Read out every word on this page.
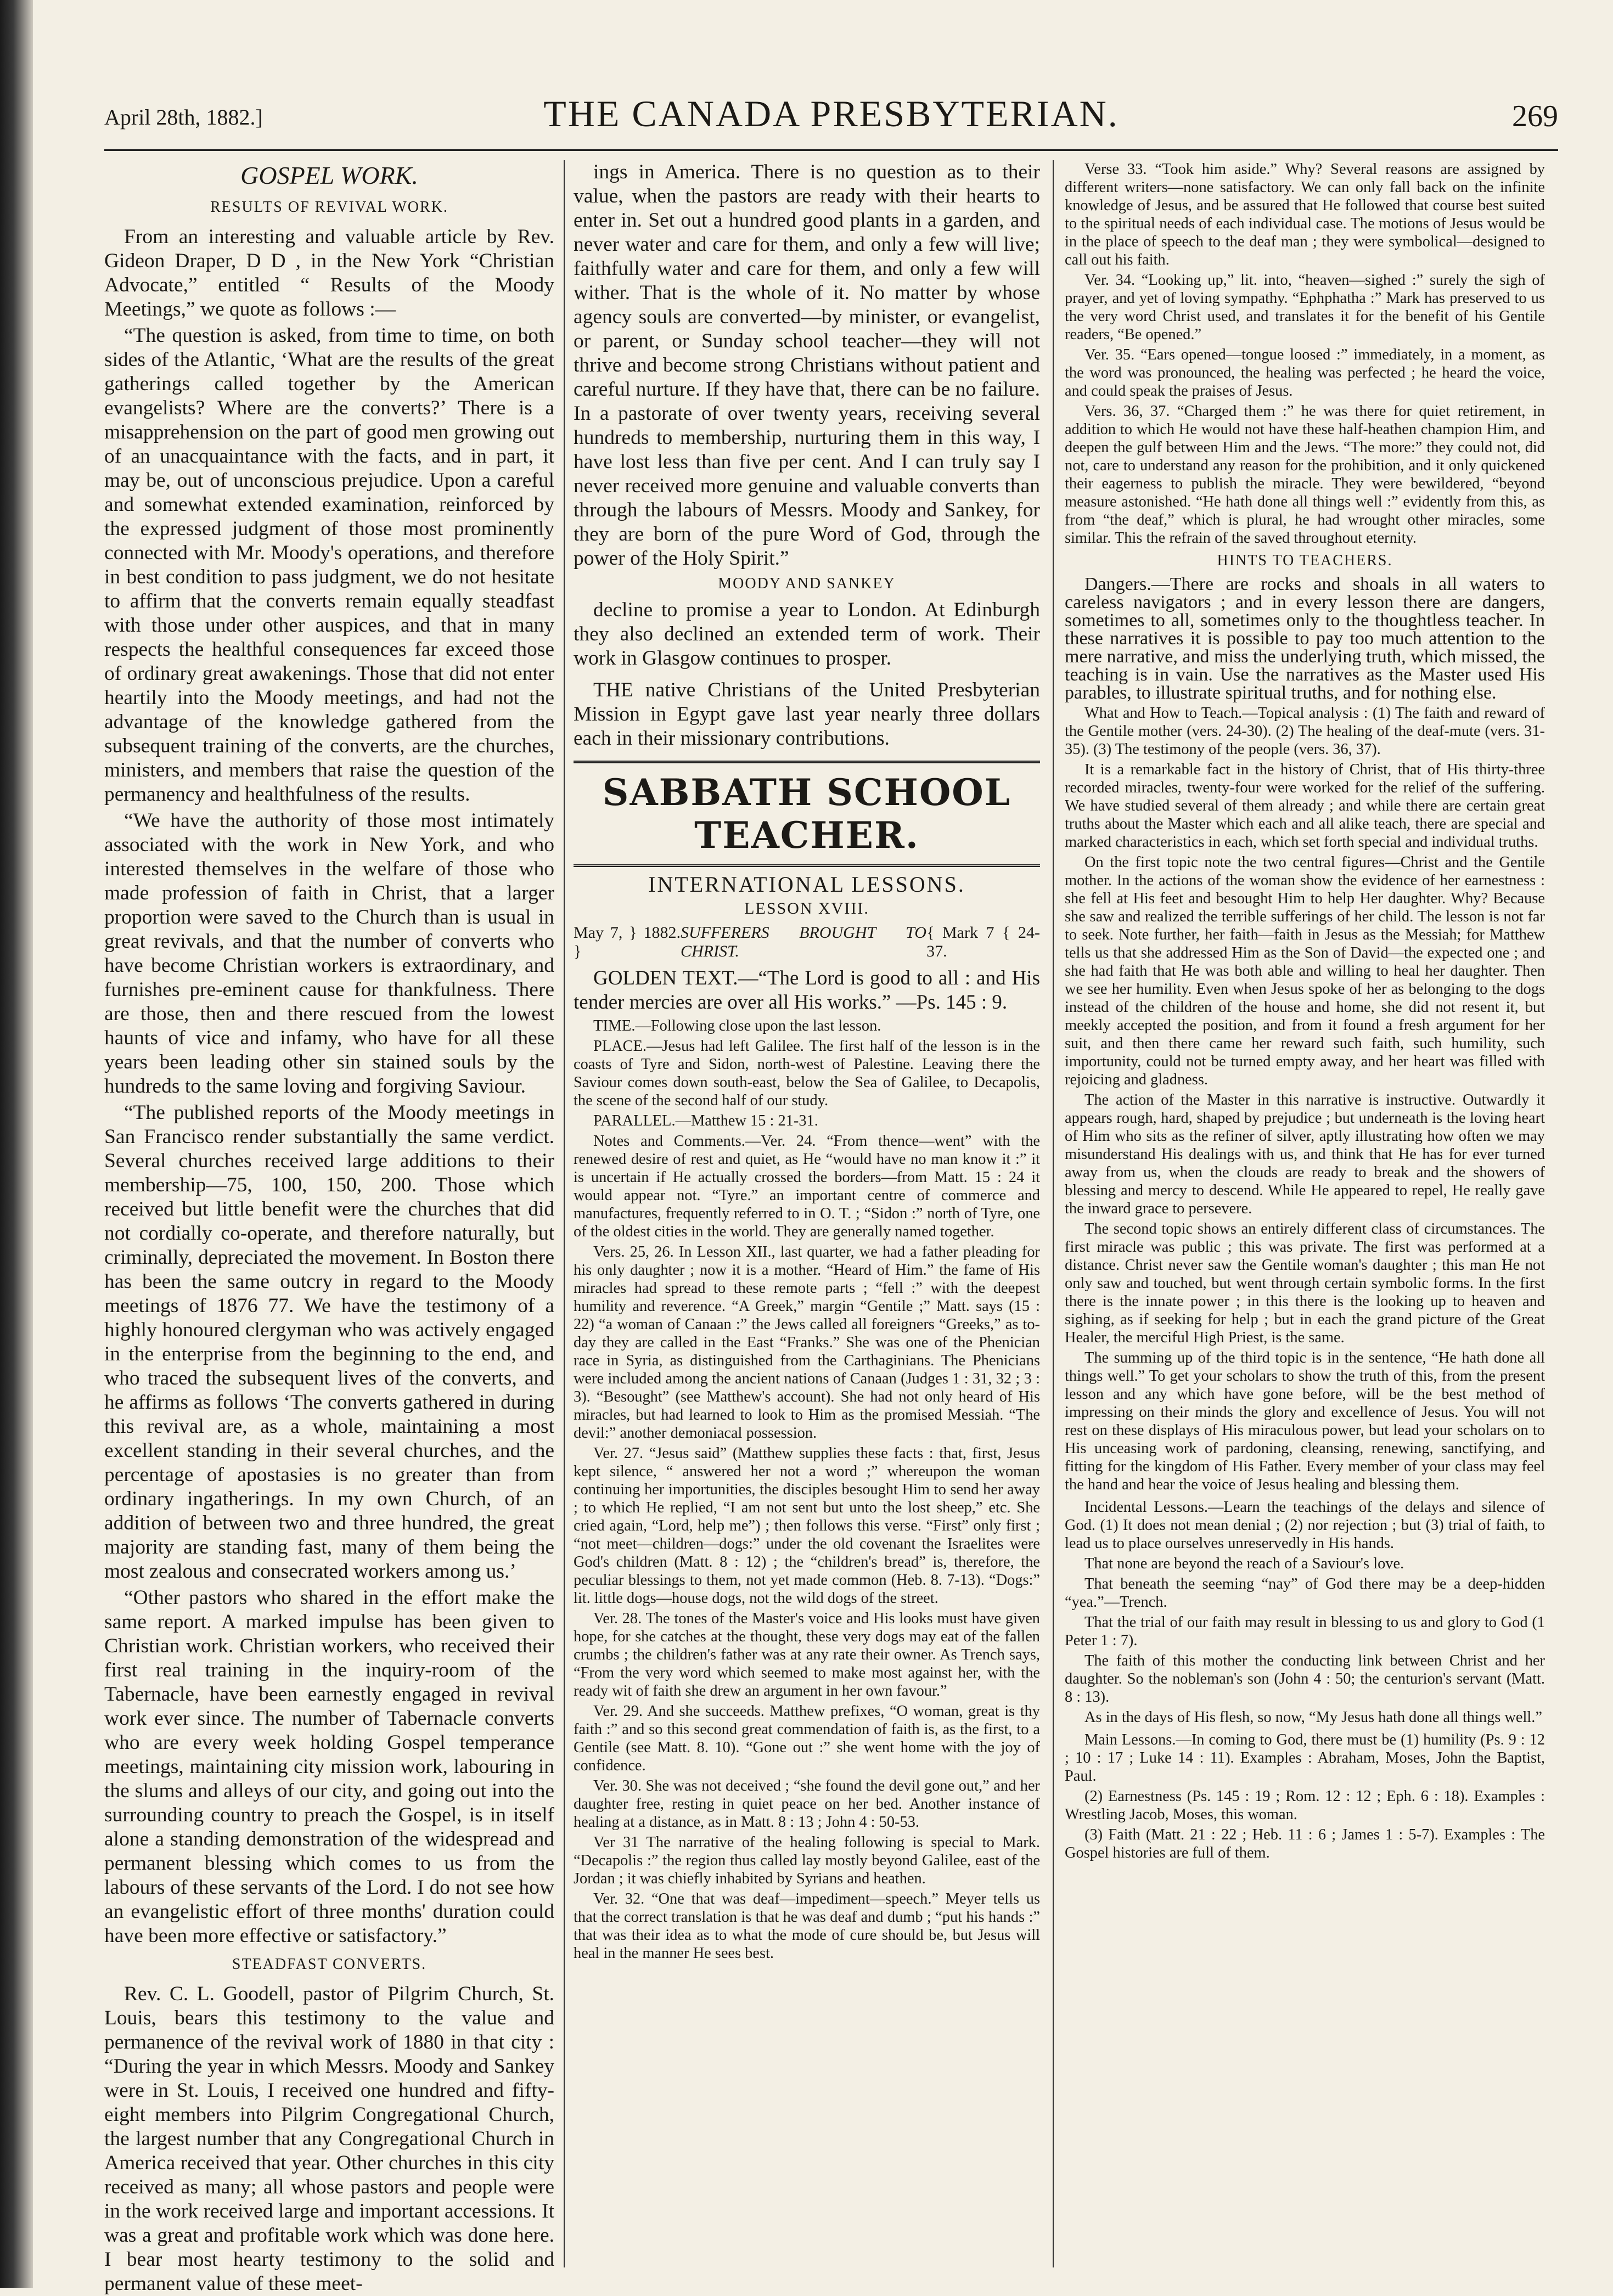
April 28th, 1882.]	THE CANADA PRESBYTERIAN.	269
GOSPEL WORK.
RESULTS OF REVIVAL WORK.

From an interesting and valuable article by Rev. Gideon Draper, D D , in the New York “Christian Advocate,” entitled “ Results of the Moody Meetings,” we quote as follows :—

“The question is asked, from time to time, on both sides of the Atlantic, ‘What are the results of the great gatherings called together by the American evangelists? Where are the converts?’ There is a misapprehension on the part of good men growing out of an unacquaintance with the facts, and in part, it may be, out of unconscious prejudice. Upon a careful and somewhat extended examination, reinforced by the expressed judgment of those most prominently connected with Mr. Moody's operations, and therefore in best condition to pass judgment, we do not hesitate to affirm that the converts remain equally steadfast with those under other auspices, and that in many respects the healthful consequences far exceed those of ordinary great awakenings. Those that did not enter heartily into the Moody meetings, and had not the advantage of the knowledge gathered from the subsequent training of the converts, are the churches, ministers, and members that raise the question of the permanency and healthfulness of the results.

“We have the authority of those most intimately associated with the work in New York, and who interested themselves in the welfare of those who made profession of faith in Christ, that a larger proportion were saved to the Church than is usual in great revivals, and that the number of converts who have become Christian workers is extraordinary, and furnishes pre-eminent cause for thankfulness. There are those, then and there rescued from the lowest haunts of vice and infamy, who have for all these years been leading other sin stained souls by the hundreds to the same loving and forgiving Saviour.

“The published reports of the Moody meetings in San Francisco render substantially the same verdict. Several churches received large additions to their membership—75, 100, 150, 200. Those which received but little benefit were the churches that did not cordially co-operate, and therefore naturally, but criminally, depreciated the movement. In Boston there has been the same outcry in regard to the Moody meetings of 1876 77. We have the testimony of a highly honoured clergyman who was actively engaged in the enterprise from the beginning to the end, and who traced the subsequent lives of the converts, and he affirms as follows ‘The converts gathered in during this revival are, as a whole, maintaining a most excellent standing in their several churches, and the percentage of apostasies is no greater than from ordinary ingatherings. In my own Church, of an addition of between two and three hundred, the great majority are standing fast, many of them being the most zealous and consecrated workers among us.’

“Other pastors who shared in the effort make the same report. A marked impulse has been given to Christian work. Christian workers, who received their first real training in the inquiry-room of the Tabernacle, have been earnestly engaged in revival work ever since. The number of Tabernacle converts who are every week holding Gospel temperance meetings, maintaining city mission work, labouring in the slums and alleys of our city, and going out into the surrounding country to preach the Gospel, is in itself alone a standing demonstration of the widespread and permanent blessing which comes to us from the labours of these servants of the Lord. I do not see how an evangelistic effort of three months' duration could have been more effective or satisfactory.”

STEADFAST CONVERTS.

Rev. C. L. Goodell, pastor of Pilgrim Church, St. Louis, bears this testimony to the value and permanence of the revival work of 1880 in that city : “During the year in which Messrs. Moody and Sankey were in St. Louis, I received one hundred and fifty-eight members into Pilgrim Congregational Church, the largest number that any Congregational Church in America received that year. Other churches in this city received as many; all whose pastors and people were in the work received large and important accessions. It was a great and profitable work which was done here. I bear most hearty testimony to the solid and permanent value of these meet-

ings in America. There is no question as to their value, when the pastors are ready with their hearts to enter in. Set out a hundred good plants in a garden, and never water and care for them, and only a few will live; faithfully water and care for them, and only a few will wither. That is the whole of it. No matter by whose agency souls are converted—by minister, or evangelist, or parent, or Sunday school teacher—they will not thrive and become strong Christians without patient and careful nurture. If they have that, there can be no failure. In a pastorate of over twenty years, receiving several hundreds to membership, nurturing them in this way, I have lost less than five per cent. And I can truly say I never received more genuine and valuable converts than through the labours of Messrs. Moody and Sankey, for they are born of the pure Word of God, through the power of the Holy Spirit.”

MOODY AND SANKEY

decline to promise a year to London. At Edinburgh they also declined an extended term of work. Their work in Glasgow continues to prosper.

THE native Christians of the United Presbyterian Mission in Egypt gave last year nearly three dollars each in their missionary contributions.

SABBATH SCHOOL TEACHER.
INTERNATIONAL LESSONS.
LESSON XVIII.
May 7, } 1882. }
SUFFERERS BROUGHT TO CHRIST.
{ Mark 7 { 24-37.

GOLDEN TEXT.—“The Lord is good to all : and His tender mercies are over all His works.” —Ps. 145 : 9.

TIME.—Following close upon the last lesson.

PLACE.—Jesus had left Galilee. The first half of the lesson is in the coasts of Tyre and Sidon, north-west of Palestine. Leaving there the Saviour comes down south-east, below the Sea of Galilee, to Decapolis, the scene of the second half of our study.

PARALLEL.—Matthew 15 : 21-31.

Notes and Comments.—Ver. 24. “From thence—went” with the renewed desire of rest and quiet, as He “would have no man know it :” it is uncertain if He actually crossed the borders—from Matt. 15 : 24 it would appear not. “Tyre.” an important centre of commerce and manufactures, frequently referred to in O. T. ; “Sidon :” north of Tyre, one of the oldest cities in the world. They are generally named together.

Vers. 25, 26. In Lesson XII., last quarter, we had a father pleading for his only daughter ; now it is a mother. “Heard of Him.” the fame of His miracles had spread to these remote parts ; “fell :” with the deepest humility and reverence. “A Greek,” margin “Gentile ;” Matt. says (15 : 22) “a woman of Canaan :” the Jews called all foreigners “Greeks,” as to-day they are called in the East “Franks.” She was one of the Phenician race in Syria, as distinguished from the Carthaginians. The Phenicians were included among the ancient nations of Canaan (Judges 1 : 31, 32 ; 3 : 3). “Besought” (see Matthew's account). She had not only heard of His miracles, but had learned to look to Him as the promised Messiah. “The devil:” another demoniacal possession.

Ver. 27. “Jesus said” (Matthew supplies these facts : that, first, Jesus kept silence, “ answered her not a word ;” whereupon the woman continuing her importunities, the disciples besought Him to send her away ; to which He replied, “I am not sent but unto the lost sheep,” etc. She cried again, “Lord, help me”) ; then follows this verse. “First” only first ; “not meet—children—dogs:” under the old covenant the Israelites were God's children (Matt. 8 : 12) ; the “children's bread” is, therefore, the peculiar blessings to them, not yet made common (Heb. 8. 7-13). “Dogs:” lit. little dogs—house dogs, not the wild dogs of the street.

Ver. 28. The tones of the Master's voice and His looks must have given hope, for she catches at the thought, these very dogs may eat of the fallen crumbs ; the children's father was at any rate their owner. As Trench says, “From the very word which seemed to make most against her, with the ready wit of faith she drew an argument in her own favour.”

Ver. 29. And she succeeds. Matthew prefixes, “O woman, great is thy faith :” and so this second great commendation of faith is, as the first, to a Gentile (see Matt. 8. 10). “Gone out :” she went home with the joy of confidence.

Ver. 30. She was not deceived ; “she found the devil gone out,” and her daughter free, resting in quiet peace on her bed. Another instance of healing at a distance, as in Matt. 8 : 13 ; John 4 : 50-53.

Ver 31 The narrative of the healing following is special to Mark. “Decapolis :” the region thus called lay mostly beyond Galilee, east of the Jordan ; it was chiefly inhabited by Syrians and heathen.

Ver. 32. “One that was deaf—impediment—speech.” Meyer tells us that the correct translation is that he was deaf and dumb ; “put his hands :” that was their idea as to what the mode of cure should be, but Jesus will heal in the manner He sees best.

Verse 33. “Took him aside.” Why? Several reasons are assigned by different writers—none satisfactory. We can only fall back on the infinite knowledge of Jesus, and be assured that He followed that course best suited to the spiritual needs of each individual case. The motions of Jesus would be in the place of speech to the deaf man ; they were symbolical—designed to call out his faith.

Ver. 34. “Looking up,” lit. into, “heaven—sighed :” surely the sigh of prayer, and yet of loving sympathy. “Ephphatha :” Mark has preserved to us the very word Christ used, and translates it for the benefit of his Gentile readers, “Be opened.”

Ver. 35. “Ears opened—tongue loosed :” immediately, in a moment, as the word was pronounced, the healing was perfected ; he heard the voice, and could speak the praises of Jesus.

Vers. 36, 37. “Charged them :” he was there for quiet retirement, in addition to which He would not have these half-heathen champion Him, and deepen the gulf between Him and the Jews. “The more:” they could not, did not, care to understand any reason for the prohibition, and it only quickened their eagerness to publish the miracle. They were bewildered, “beyond measure astonished. “He hath done all things well :” evidently from this, as from “the deaf,” which is plural, he had wrought other miracles, some similar. This the refrain of the saved throughout eternity.

HINTS TO TEACHERS.

Dangers.—There are rocks and shoals in all waters to careless navigators ; and in every lesson there are dangers, sometimes to all, sometimes only to the thoughtless teacher. In these narratives it is possible to pay too much attention to the mere narrative, and miss the underlying truth, which missed, the teaching is in vain. Use the narratives as the Master used His parables, to illustrate spiritual truths, and for nothing else.

What and How to Teach.—Topical analysis : (1) The faith and reward of the Gentile mother (vers. 24-30). (2) The healing of the deaf-mute (vers. 31-35). (3) The testimony of the people (vers. 36, 37).

It is a remarkable fact in the history of Christ, that of His thirty-three recorded miracles, twenty-four were worked for the relief of the suffering. We have studied several of them already ; and while there are certain great truths about the Master which each and all alike teach, there are special and marked characteristics in each, which set forth special and individual truths.

On the first topic note the two central figures—Christ and the Gentile mother. In the actions of the woman show the evidence of her earnestness : she fell at His feet and besought Him to help Her daughter. Why? Because she saw and realized the terrible sufferings of her child. The lesson is not far to seek. Note further, her faith—faith in Jesus as the Messiah; for Matthew tells us that she addressed Him as the Son of David—the expected one ; and she had faith that He was both able and willing to heal her daughter. Then we see her humility. Even when Jesus spoke of her as belonging to the dogs instead of the children of the house and home, she did not resent it, but meekly accepted the position, and from it found a fresh argument for her suit, and then there came her reward such faith, such humility, such importunity, could not be turned empty away, and her heart was filled with rejoicing and gladness.

The action of the Master in this narrative is instructive. Outwardly it appears rough, hard, shaped by prejudice ; but underneath is the loving heart of Him who sits as the refiner of silver, aptly illustrating how often we may misunderstand His dealings with us, and think that He has for ever turned away from us, when the clouds are ready to break and the showers of blessing and mercy to descend. While He appeared to repel, He really gave the inward grace to persevere.

The second topic shows an entirely different class of circumstances. The first miracle was public ; this was private. The first was performed at a distance. Christ never saw the Gentile woman's daughter ; this man He not only saw and touched, but went through certain symbolic forms. In the first there is the innate power ; in this there is the looking up to heaven and sighing, as if seeking for help ; but in each the grand picture of the Great Healer, the merciful High Priest, is the same.

The summing up of the third topic is in the sentence, “He hath done all things well.” To get your scholars to show the truth of this, from the present lesson and any which have gone before, will be the best method of impressing on their minds the glory and excellence of Jesus. You will not rest on these displays of His miraculous power, but lead your scholars on to His unceasing work of pardoning, cleansing, renewing, sanctifying, and fitting for the kingdom of His Father. Every member of your class may feel the hand and hear the voice of Jesus healing and blessing them.

Incidental Lessons.—Learn the teachings of the delays and silence of God. (1) It does not mean denial ; (2) nor rejection ; but (3) trial of faith, to lead us to place ourselves unreservedly in His hands.

That none are beyond the reach of a Saviour's love.

That beneath the seeming “nay” of God there may be a deep-hidden “yea.”—Trench.

That the trial of our faith may result in blessing to us and glory to God (1 Peter 1 : 7).

The faith of this mother the conducting link between Christ and her daughter. So the nobleman's son (John 4 : 50; the centurion's servant (Matt. 8 : 13).

As in the days of His flesh, so now, “My Jesus hath done all things well.”

Main Lessons.—In coming to God, there must be (1) humility (Ps. 9 : 12 ; 10 : 17 ; Luke 14 : 11). Examples : Abraham, Moses, John the Baptist, Paul.

(2) Earnestness (Ps. 145 : 19 ; Rom. 12 : 12 ; Eph. 6 : 18). Examples : Wrestling Jacob, Moses, this woman.

(3) Faith (Matt. 21 : 22 ; Heb. 11 : 6 ; James 1 : 5-7). Examples : The Gospel histories are full of them.
